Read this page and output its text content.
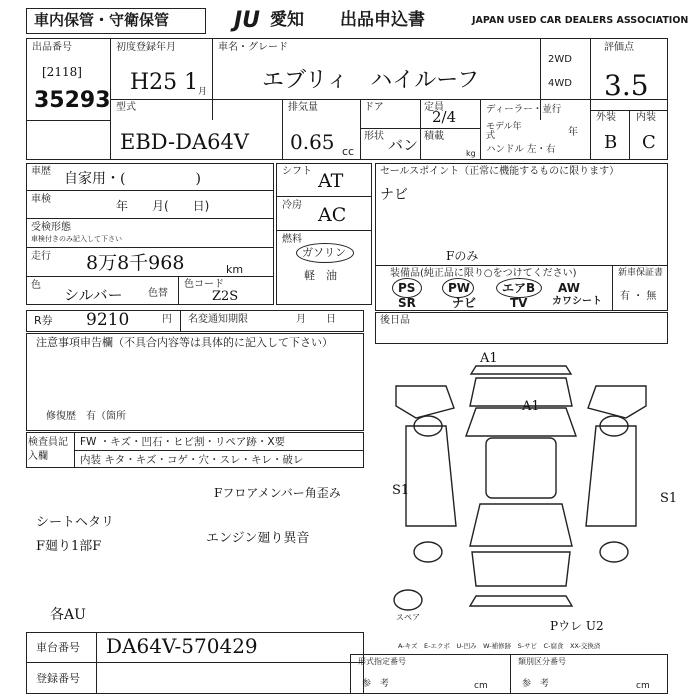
車内保管・守衛保管	JU 愛知 出品申込書	JAPAN USED CAR DEALERS ASSOCIATION
出品番号
[2118]
35293
初度登録年月
H25 1 月
車名・グレード
エブリィ　ハイルーフ
2WD
4WD
評価点
3.5
外装 内装
B C
型式
EBD-DA64V
排気量
0.65 cc
ドア
形状 バン
定員
2/4
積載
kg
ディーラー・並行
モデル年式	年
ハンドル 左・右
車歴 自家用・(　　　　　)
車検	年　　月(　　日)
受検形態
車検付きのみ記入して下さい
走行 8万8千968	km
色
シルバー	色替
色コード
Z2S
シフト AT
冷房 AC
燃料
ガソリン
軽　油
セールスポイント（正常に機能するものに限ります）
ナビ
Fのみ
装備品(純正品に限り○をつけてください)	新車保証書
有 ・ 無
PS	PW	エアB AW
SR	ナビ	TV カワシート
R券 9210	円 名変通知期限	月　　日	後日品
注意事項申告欄（不具合内容等は具体的に記入して下さい）
修復歴　有（箇所
検査員記入欄
FW ・キズ・凹石・ヒビ割・リペア跡・X要
内装 キタ・キズ・コゲ・穴・スレ・キレ・破レ
Fフロアメンバー角歪み
シートヘタリ
F廻り1部F
エンジン廻り異音
各AU
車台番号 DA64V-570429
登録番号
A1
A1
S1
S1
Pウレ U2
スペア
A-キズ　E-エクボ　U-凹み　W-補修跡　S-サビ　C-腐食　XX-交換済
形式指定番号
参　考	cm
類別区分番号
参　考	cm
